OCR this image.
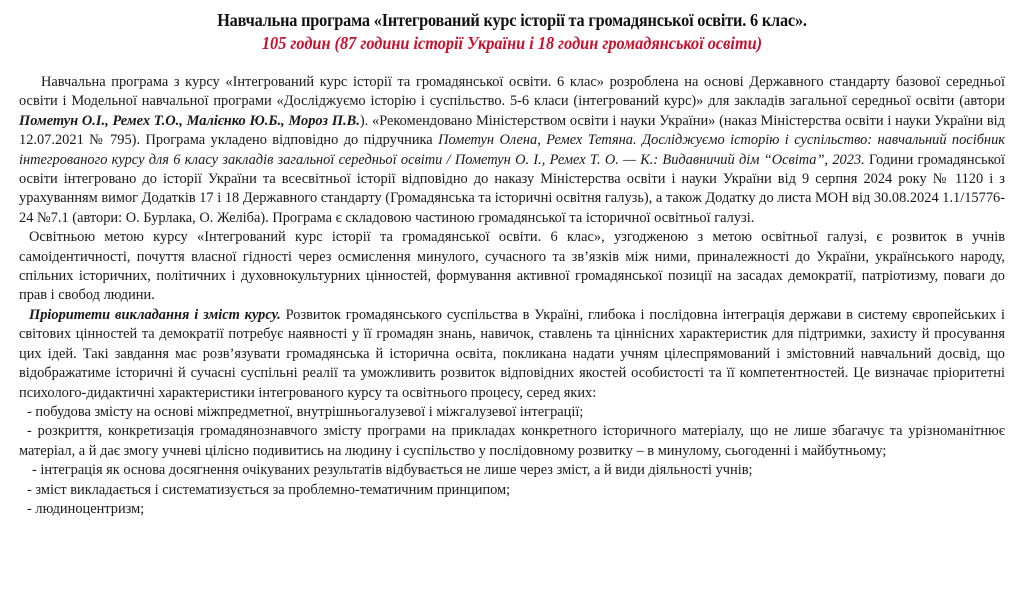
Навчальна програма «Інтегрований курс історії та громадянської освіти. 6 клас».
105 годин (87 години історії України і 18 годин громадянської освіти)

Навчальна програма з курсу «Інтегрований курс історії та громадянської освіти. 6 клас» розроблена на основі Державного стандарту базової середньої освіти і Модельної навчальної програми «Досліджуємо історію і суспільство. 5-6 класи (інтегрований курс)» для закладів загальної середньої освіти (автори Пометун О.І., Ремех Т.О., Малієнко Ю.Б., Мороз П.В.). «Рекомендовано Міністерством освіти і науки України» (наказ Міністерства освіти і науки України від 12.07.2021 № 795). Програма укладено відповідно до підручника Пометун Олена, Ремех Тетяна. Досліджуємо історію і суспільство: навчальний посібник інтегрованого курсу для 6 класу закладів загальної середньої освіти / Пометун О. І., Ремех Т. О. — К.: Видавничий дім “Освіта”, 2023. Години громадянської освіти інтегровано до історії України та всесвітньої історії відповідно до наказу Міністерства освіти і науки України від 9 серпня 2024 року № 1120 і з урахуванням вимог Додатків 17 і 18 Державного стандарту (Громадянська та історичні освітня галузь), а також Додатку до листа МОН від 30.08.2024 1.1/15776-24 №7.1 (автори: О. Бурлака, О. Желіба). Програма є складовою частиною громадянської та історичної освітньої галузі.

Освітньою метою курсу «Інтегрований курс історії та громадянської освіти. 6 клас», узгодженою з метою освітньої галузі, є розвиток в учнів самоідентичності, почуття власної гідності через осмислення минулого, сучасного та зв’язків між ними, приналежності до України, українського народу, спільних історичних, політичних і духовнокультурних цінностей, формування активної громадянської позиції на засадах демократії, патріотизму, поваги до прав і свобод людини.

Пріоритети викладання і зміст курсу. Розвиток громадянського суспільства в Україні, глибока і послідовна інтеграція держави в систему європейських і світових цінностей та демократії потребує наявності у її громадян знань, навичок, ставлень та ціннісних характеристик для підтримки, захисту й просування цих ідей. Такі завдання має розв’язувати громадянська й історична освіта, покликана надати учням цілеспрямований і змістовний навчальний досвід, що відображатиме історичні й сучасні суспільні реалії та уможливить розвиток відповідних якостей особистості та її компетентностей. Це визначає пріоритетні психолого-дидактичні характеристики інтегрованого курсу та освітнього процесу, серед яких:

- побудова змісту на основі міжпредметної, внутрішньогалузевої і міжгалузевої інтеграції;

- розкриття, конкретизація громадянознавчого змісту програми на прикладах конкретного історичного матеріалу, що не лише збагачує та урізноманітнює матеріал, а й дає змогу учневі цілісно подивитись на людину і суспільство у послідовному розвитку – в минулому, сьогоденні і майбутньому;

- інтеграція як основа досягнення очікуваних результатів відбувається не лише через зміст, а й види діяльності учнів;

- зміст викладається і систематизується за проблемно-тематичним принципом;

- людиноцентризм;
